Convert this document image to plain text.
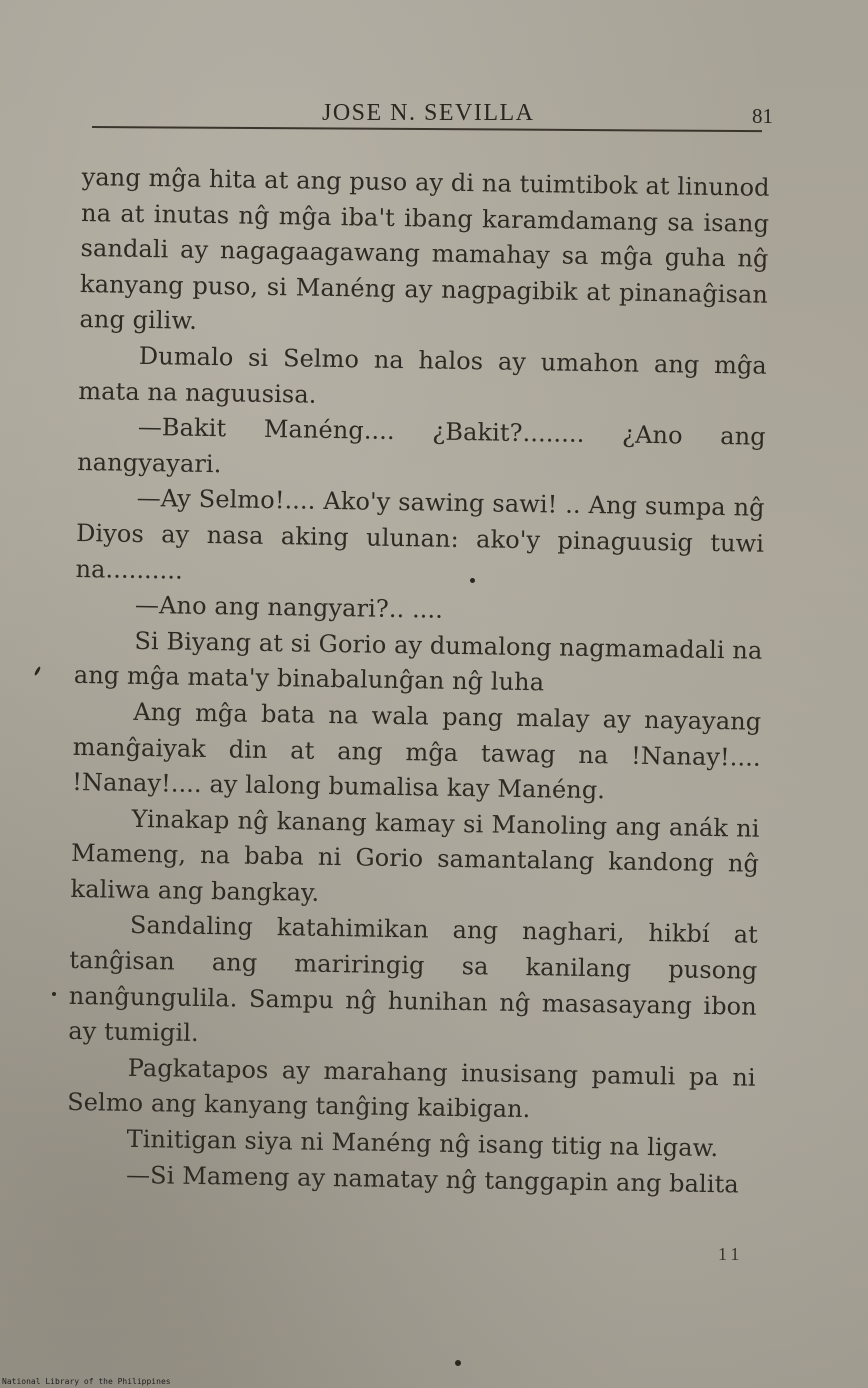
JOSE N. SEVILLA	81

yang mĝa hita at ang puso ay di na tuimtibok at linunod na at inutas nĝ mĝa iba't ibang karamdamang sa isang sandali ay nagagaagawang mamahay sa mĝa guha nĝ kanyang puso, si Manéng ay nagpagibik at pinanaĝisan ang giliw.

Dumalo si Selmo na halos ay umahon ang mĝa mata na naguusisa.

—Bakit Manéng.... ¿Bakit?........ ¿Ano ang nangyayari.

—Ay Selmo!.... Ako'y sawing sawi! .. Ang sumpa nĝ Diyos ay nasa aking ulunan: ako'y pinaguusig tuwi na..........

—Ano ang nangyari?.. ....

Si Biyang at si Gorio ay dumalong nagmamadali na ang mĝa mata'y binabalunĝan nĝ luha

Ang mĝa bata na wala pang malay ay nayayang manĝaiyak din at ang mĝa tawag na !Nanay!.... !Nanay!.... ay lalong bumalisa kay Manéng.

Yinakap nĝ kanang kamay si Manoling ang anák ni Mameng, na baba ni Gorio samantalang kandong nĝ kaliwa ang bangkay.

Sandaling katahimikan ang naghari, hikbí at tanĝisan ang mariringig sa kanilang pusong nanĝungulila. Sampu nĝ hunihan nĝ masasayang ibon ay tumigil.

Pagkatapos ay marahang inusisang pamuli pa ni Selmo ang kanyang tanĝing kaibigan.

Tinitigan siya ni Manéng nĝ isang titig na ligaw.

—Si Mameng ay namatay nĝ tanggapin ang balita

11
National Library of the Philippines
